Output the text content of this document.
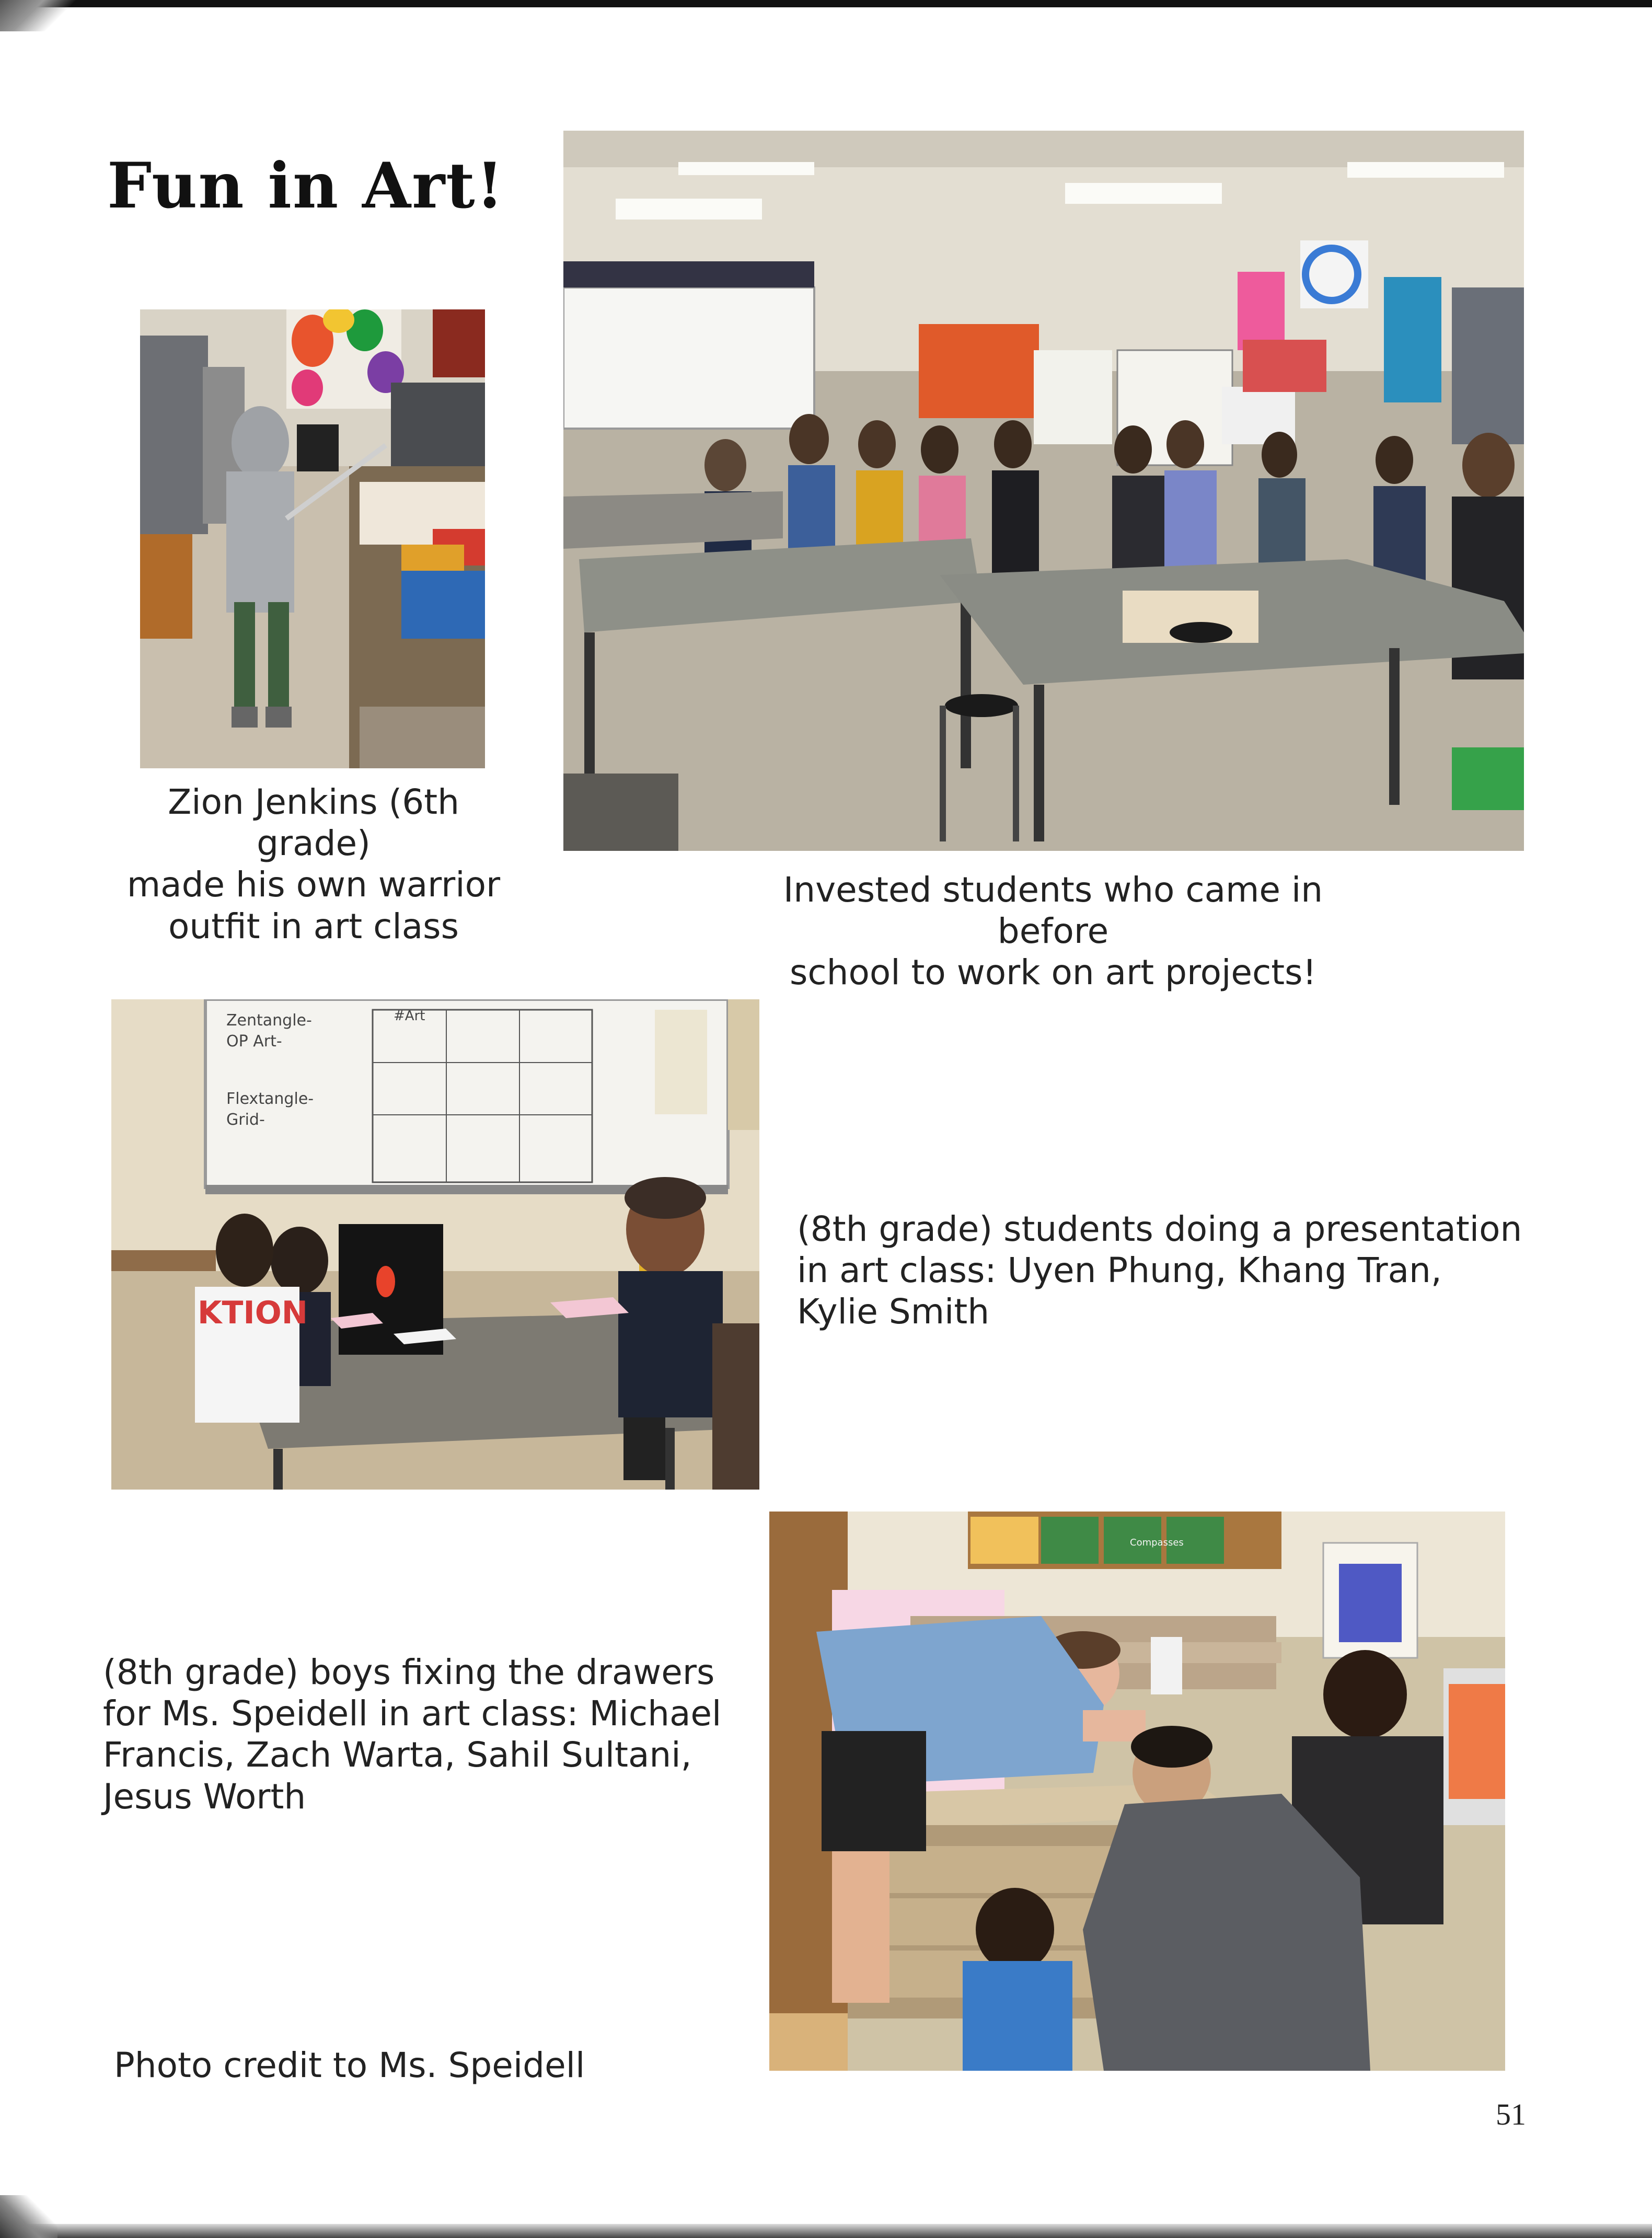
Fun in Art!
Zion Jenkins (6th grade)
made his own warrior
outfit in art class
Invested students who came in before
school to work on art projects!
Zentangle-
OP Art-
Flextangle-
Grid-
#Art
KTION
(8th grade) students doing a presentation
in art class: Uyen Phung, Khang Tran,
Kylie Smith
(8th grade) boys fixing the drawers
for Ms. Speidell in art class: Michael
Francis, Zach Warta, Sahil Sultani,
Jesus Worth
Compasses
Photo credit to Ms. Speidell
51
